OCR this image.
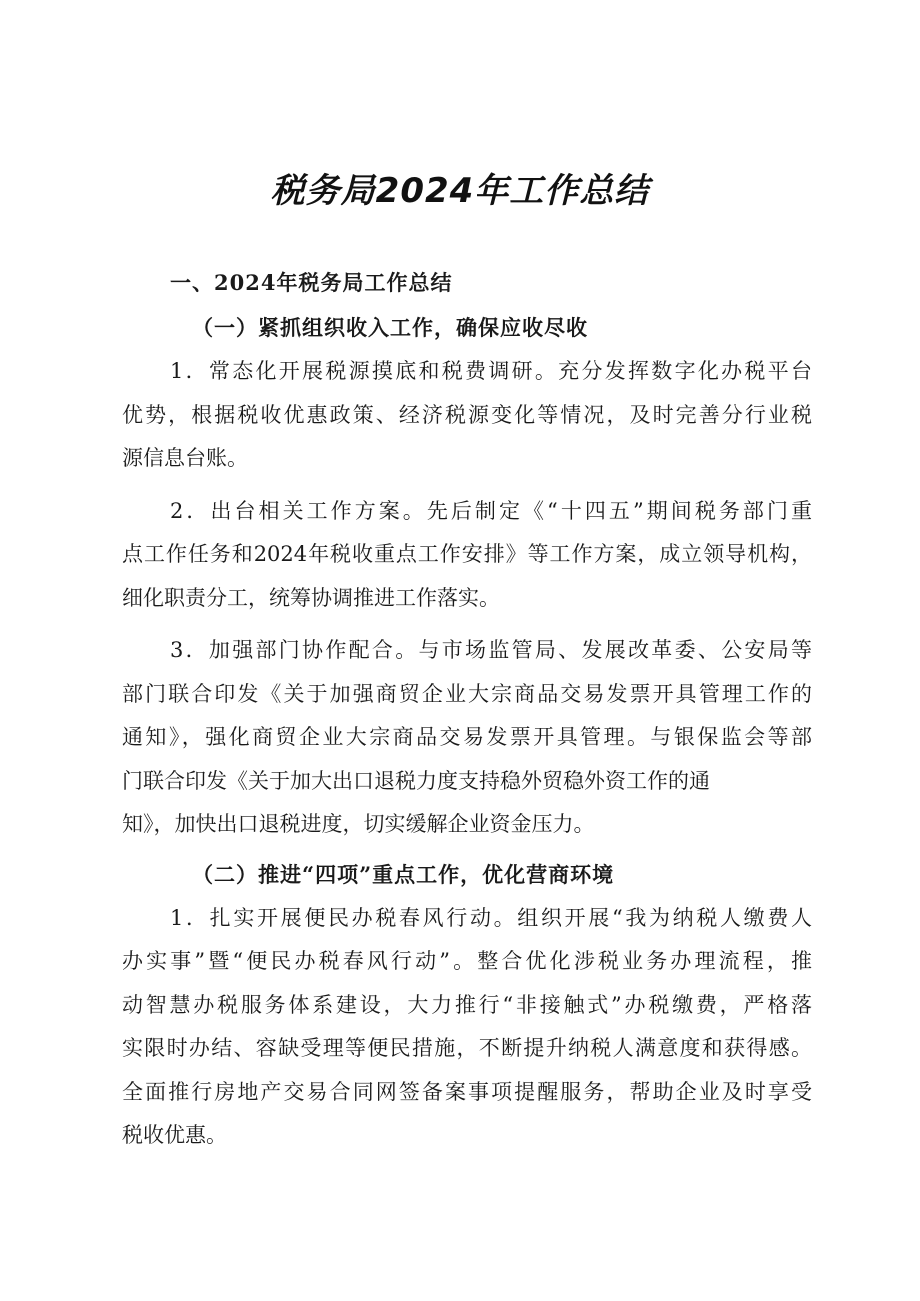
税务局2024年工作总结
一、2024年税务局工作总结
（一）紧抓组织收入工作，确保应收尽收
1．常态化开展税源摸底和税费调研。充分发挥数字化办税平台
优势，根据税收优惠政策、经济税源变化等情况，及时完善分行业税
源信息台账。
2．出台相关工作方案。先后制定《“十四五”期间税务部门重
点工作任务和2024年税收重点工作安排》等工作方案，成立领导机构，
细化职责分工，统筹协调推进工作落实。
3．加强部门协作配合。与市场监管局、发展改革委、公安局等
部门联合印发《关于加强商贸企业大宗商品交易发票开具管理工作的
通知》，强化商贸企业大宗商品交易发票开具管理。与银保监会等部
门联合印发《关于加大出口退税力度支持稳外贸稳外资工作的通
知》，加快出口退税进度，切实缓解企业资金压力。
（二）推进“四项”重点工作，优化营商环境
1．扎实开展便民办税春风行动。组织开展“我为纳税人缴费人
办实事”暨“便民办税春风行动”。整合优化涉税业务办理流程，推
动智慧办税服务体系建设，大力推行“非接触式”办税缴费，严格落
实限时办结、容缺受理等便民措施，不断提升纳税人满意度和获得感。
全面推行房地产交易合同网签备案事项提醒服务，帮助企业及时享受
税收优惠。
